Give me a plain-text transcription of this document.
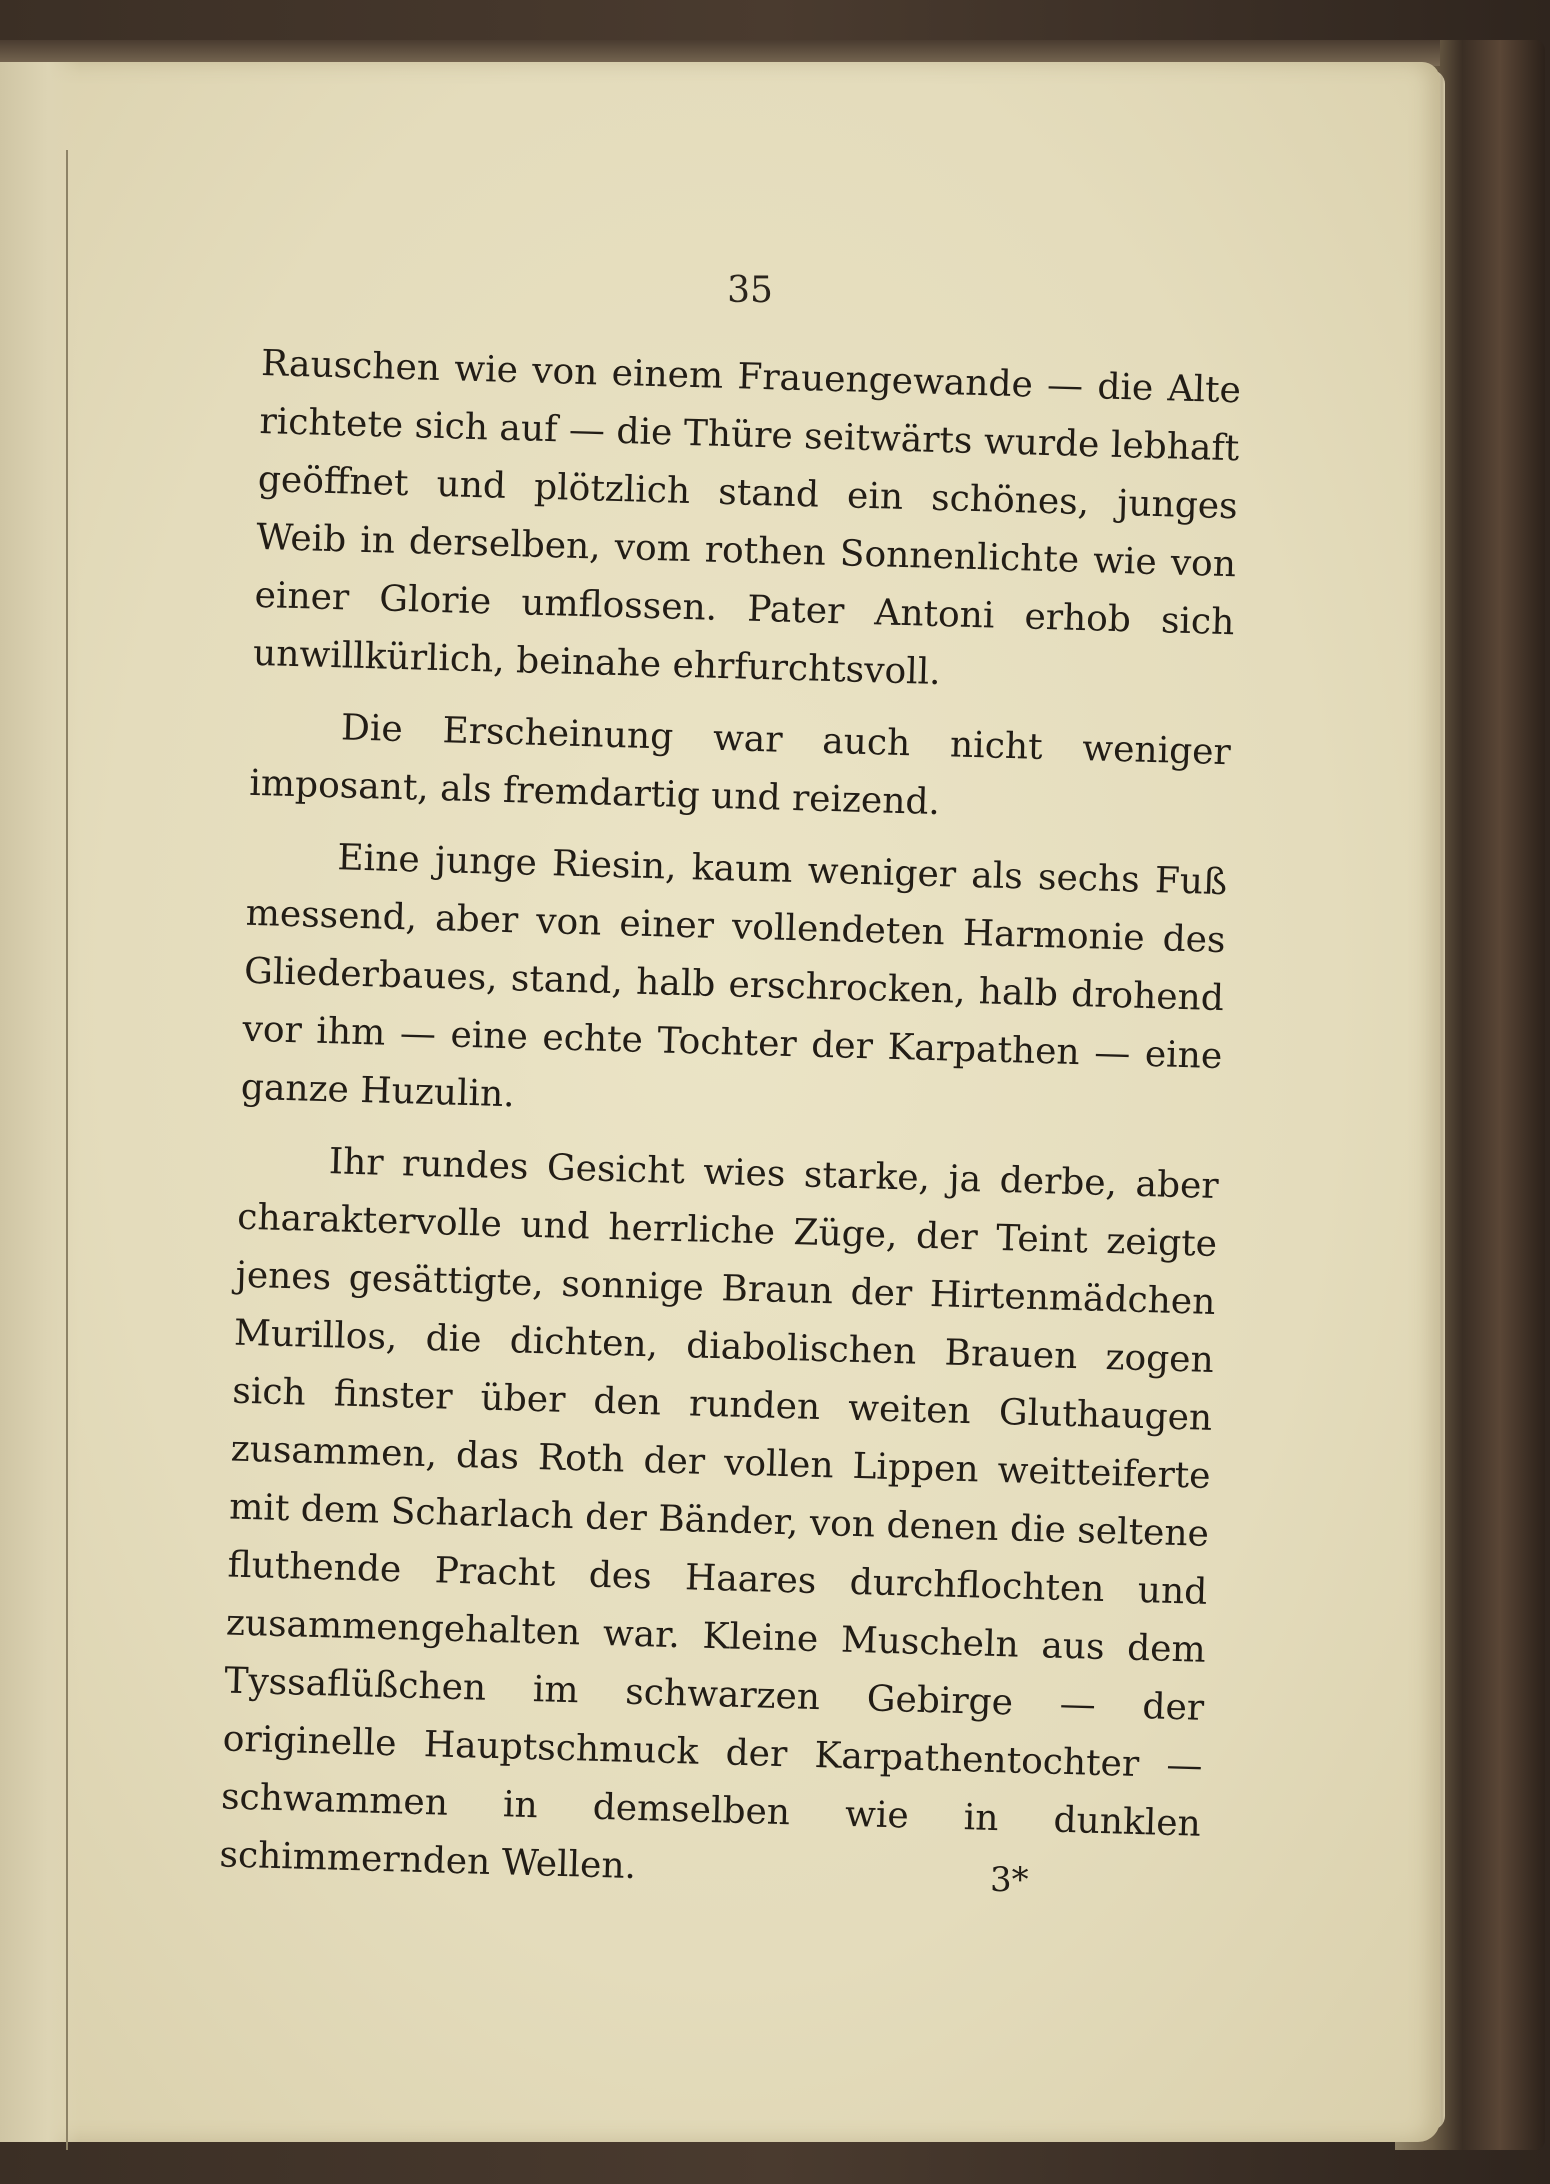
35

Rauschen wie von einem Frauengewande — die Alte richtete sich auf — die Thüre seitwärts wurde lebhaft geöffnet und plötzlich stand ein schönes, junges Weib in derselben, vom rothen Sonnenlichte wie von einer Glorie umflossen. Pater Antoni erhob sich unwillkürlich, beinahe ehrfurchtsvoll.

Die Erscheinung war auch nicht weniger imposant, als fremdartig und reizend.

Eine junge Riesin, kaum weniger als sechs Fuß messend, aber von einer vollendeten Harmonie des Gliederbaues, stand, halb erschrocken, halb drohend vor ihm — eine echte Tochter der Karpathen — eine ganze Huzulin.

Ihr rundes Gesicht wies starke, ja derbe, aber charaktervolle und herrliche Züge, der Teint zeigte jenes gesättigte, sonnige Braun der Hirtenmädchen Murillos, die dichten, diabolischen Brauen zogen sich finster über den runden weiten Gluthaugen zusammen, das Roth der vollen Lippen weitteiferte mit dem Scharlach der Bänder, von denen die seltene fluthende Pracht des Haares durchflochten und zusammengehalten war. Kleine Muscheln aus dem Tyssaflüßchen im schwarzen Gebirge — der originelle Hauptschmuck der Karpathentochter — schwammen in demselben wie in dunklen schimmernden Wellen.	3*
